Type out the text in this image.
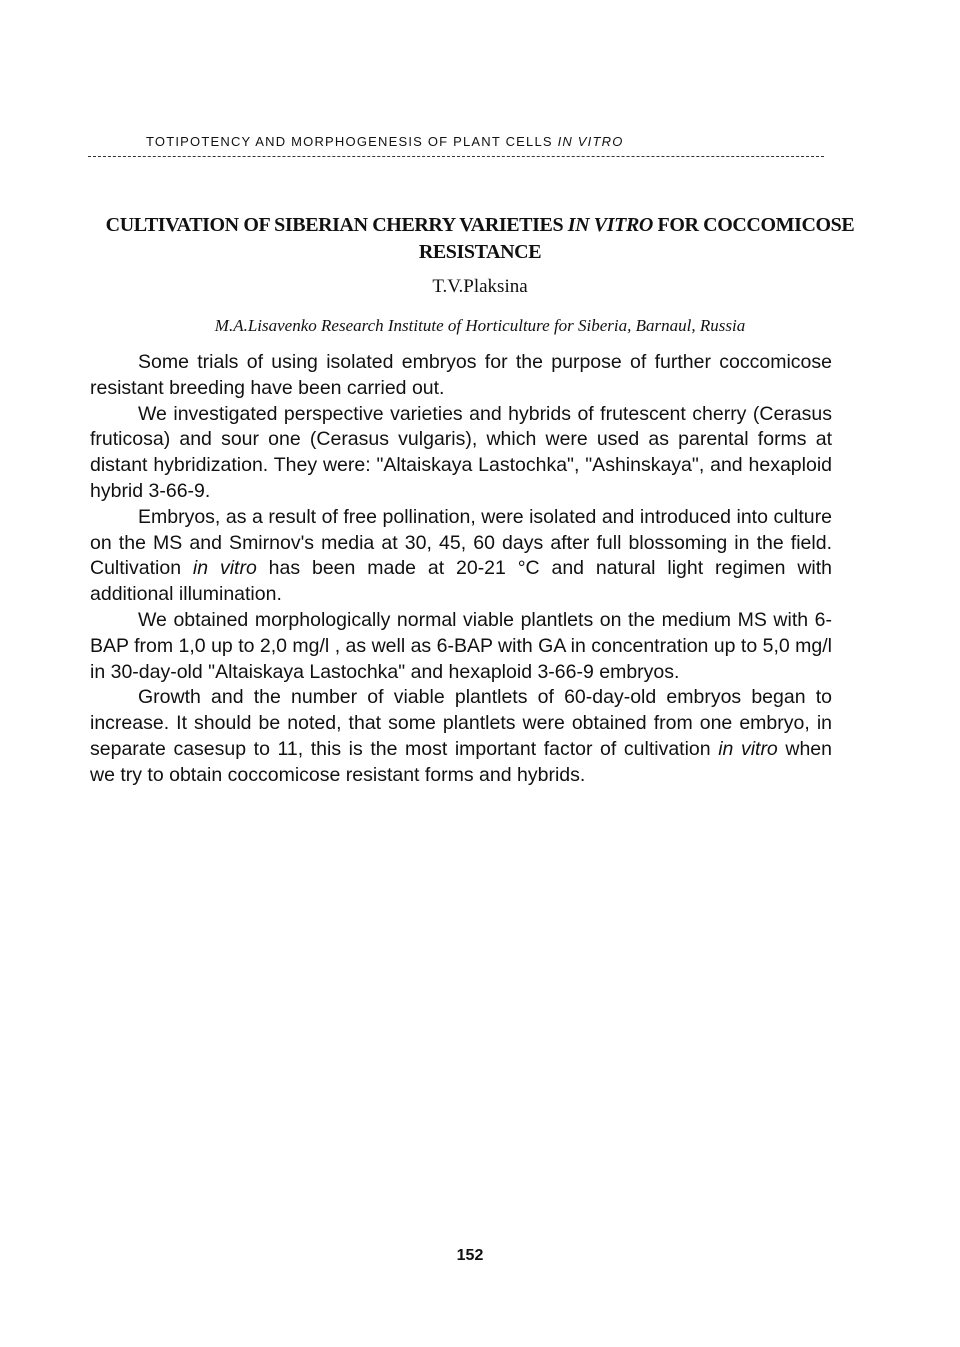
TOTIPOTENCY AND MORPHOGENESIS OF PLANT CELLS IN VITRO
CULTIVATION OF SIBERIAN CHERRY VARIETIES IN VITRO FOR COCCOMICOSE RESISTANCE
T.V.Plaksina
M.A.Lisavenko Research Institute of Horticulture for Siberia, Barnaul, Russia

Some trials of using isolated embryos for the purpose of further coccomicose resistant breeding have been carried out.

We investigated perspective varieties and hybrids of frutescent cherry (Cerasus fruticosa) and sour one (Cerasus vulgaris), which were used as parental forms at distant hybridization. They were: "Altaiskaya Lastochka", "Ashinskaya", and hexaploid hybrid 3-66-9.

Embryos, as a result of free pollination, were isolated and introduced into culture on the MS and Smirnov's media at 30, 45, 60 days after full blossoming in the field. Cultivation in vitro has been made at 20-21 °C and natural light regimen with additional illumination.

We obtained morphologically normal viable plantlets on the medium MS with 6-BAP from 1,0 up to 2,0 mg/l , as well as 6-BAP with GA in concentration up to 5,0 mg/l in 30-day-old "Altaiskaya Lastochka" and hexaploid 3-66-9 embryos.

Growth and the number of viable plantlets of 60-day-old embryos began to increase. It should be noted, that some plantlets were obtained from one embryo, in separate casesup to 11, this is the most important factor of cultivation in vitro when we try to obtain coccomicose resistant forms and hybrids.

152
